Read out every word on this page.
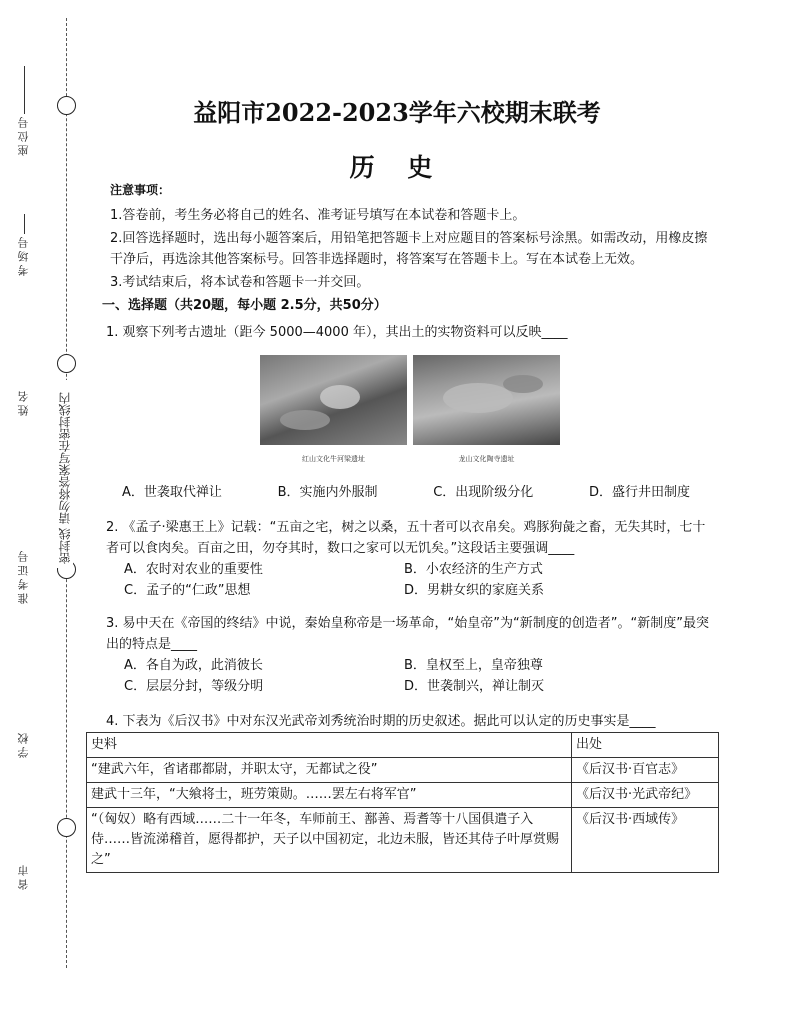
座位号
考场号
姓名
准考证号
学校
省市
密封线 请勿将答案写在密封线内
益阳市2022-2023学年六校期末联考
历 史

注意事项：

1.答卷前，考生务必将自己的姓名、准考证号填写在本试卷和答题卡上。

2.回答选择题时，选出每小题答案后，用铅笔把答题卡上对应题目的答案标号涂黑。如需改动，用橡皮擦干净后，再选涂其他答案标号。回答非选择题时，将答案写在答题卡上。写在本试卷上无效。

3.考试结束后，将本试卷和答题卡一并交回。

一、选择题（共20题，每小题 2.5分，共50分）

1. 观察下列考古遗址（距今 5000—4000 年），其出土的实物资料可以反映____

红山文化牛河梁遗址	龙山文化陶寺遗址
A．世袭取代禅让	B．实施内外服制	C．出现阶级分化	D．盛行井田制度

2. 《孟子·梁惠王上》记载：“五亩之宅，树之以桑，五十者可以衣帛矣。鸡豚狗彘之畜，无失其时，七十者可以食肉矣。百亩之田，勿夺其时，数口之家可以无饥矣。”这段话主要强调____

A．农时对农业的重要性	B．小农经济的生产方式
C．孟子的“仁政”思想	D．男耕女织的家庭关系

3. 易中天在《帝国的终结》中说，秦始皇称帝是一场革命，“始皇帝”为“新制度的创造者”。“新制度”最突出的特点是____

A．各自为政，此消彼长	B．皇权至上，皇帝独尊
C．层层分封，等级分明	D．世袭制兴，禅让制灭

4. 下表为《后汉书》中对东汉光武帝刘秀统治时期的历史叙述。据此可以认定的历史事实是____

史料	出处
“建武六年，省诸郡都尉，并职太守，无都试之役”	《后汉书·百官志》
建武十三年，“大飨将士，班劳策勋。……罢左右将军官”	《后汉书·光武帝纪》
“（匈奴）略有西域……二十一年冬，车师前王、鄯善、焉耆等十八国俱遣子入侍……皆流涕稽首，愿得都护，天子以中国初定，北边未服，皆还其侍子叶厚赏赐之”	《后汉书·西域传》
